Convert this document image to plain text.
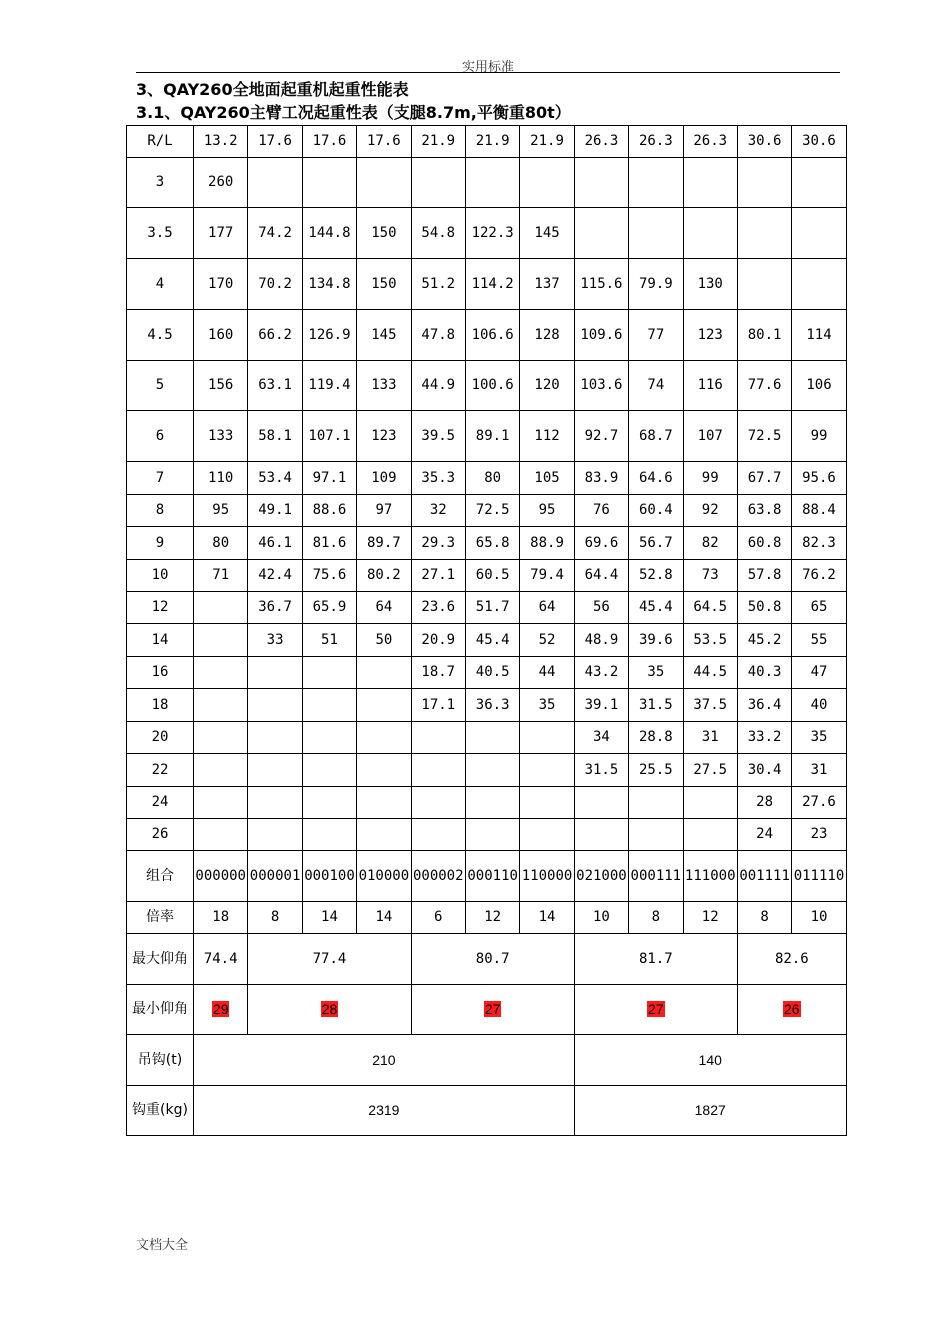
实用标准
3、QAY260全地面起重机起重性能表
3.1、QAY260主臂工况起重性表（支腿8.7m,平衡重80t）
R/L	13.2	17.6	17.6	17.6	21.9	21.9	21.9	26.3	26.3	26.3	30.6	30.6
3	260											
3.5	177	74.2	144.8	150	54.8	122.3	145					
4	170	70.2	134.8	150	51.2	114.2	137	115.6	79.9	130		
4.5	160	66.2	126.9	145	47.8	106.6	128	109.6	77	123	80.1	114
5	156	63.1	119.4	133	44.9	100.6	120	103.6	74	116	77.6	106
6	133	58.1	107.1	123	39.5	89.1	112	92.7	68.7	107	72.5	99
7	110	53.4	97.1	109	35.3	80	105	83.9	64.6	99	67.7	95.6
8	95	49.1	88.6	97	32	72.5	95	76	60.4	92	63.8	88.4
9	80	46.1	81.6	89.7	29.3	65.8	88.9	69.6	56.7	82	60.8	82.3
10	71	42.4	75.6	80.2	27.1	60.5	79.4	64.4	52.8	73	57.8	76.2
12		36.7	65.9	64	23.6	51.7	64	56	45.4	64.5	50.8	65
14		33	51	50	20.9	45.4	52	48.9	39.6	53.5	45.2	55
16					18.7	40.5	44	43.2	35	44.5	40.3	47
18					17.1	36.3	35	39.1	31.5	37.5	36.4	40
20								34	28.8	31	33.2	35
22								31.5	25.5	27.5	30.4	31
24											28	27.6
26											24	23
组合	000000	000001	000100	010000	000002	000110	110000	021000	000111	111000	001111	011110
倍率	18	8	14	14	6	12	14	10	8	12	8	10
最大仰角	74.4	77.4			80.7			81.7			82.6	
最小仰角	29	28			27			27			26	
吊钩(t)	210							140				
钩重(kg)	2319							1827				
文档大全
